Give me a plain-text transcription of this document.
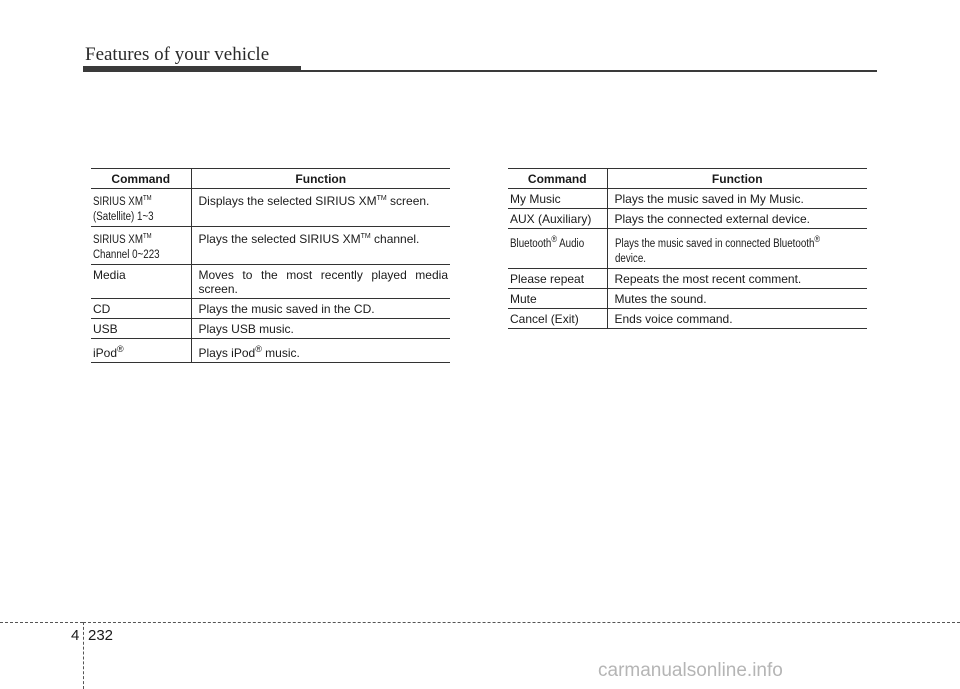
Features of your vehicle
Command	Function
SIRIUS XM™
(Satellite) 1~3	Displays the selected SIRIUS XM™ screen.
SIRIUS XM™
Channel 0~223	Plays the selected SIRIUS XM™ channel.
Media	Moves to the most recently played media screen.
CD	Plays the music saved in the CD.
USB	Plays USB music.
iPod®	Plays iPod® music.
Command	Function
My Music	Plays the music saved in My Music.
AUX (Auxiliary)	Plays the connected external device.
Bluetooth® Audio	Plays the music saved in connected Bluetooth®
device.
Please repeat	Repeats the most recent comment.
Mute	Mutes the sound.
Cancel (Exit)	Ends voice command.
4 232
carmanualsonline.info
